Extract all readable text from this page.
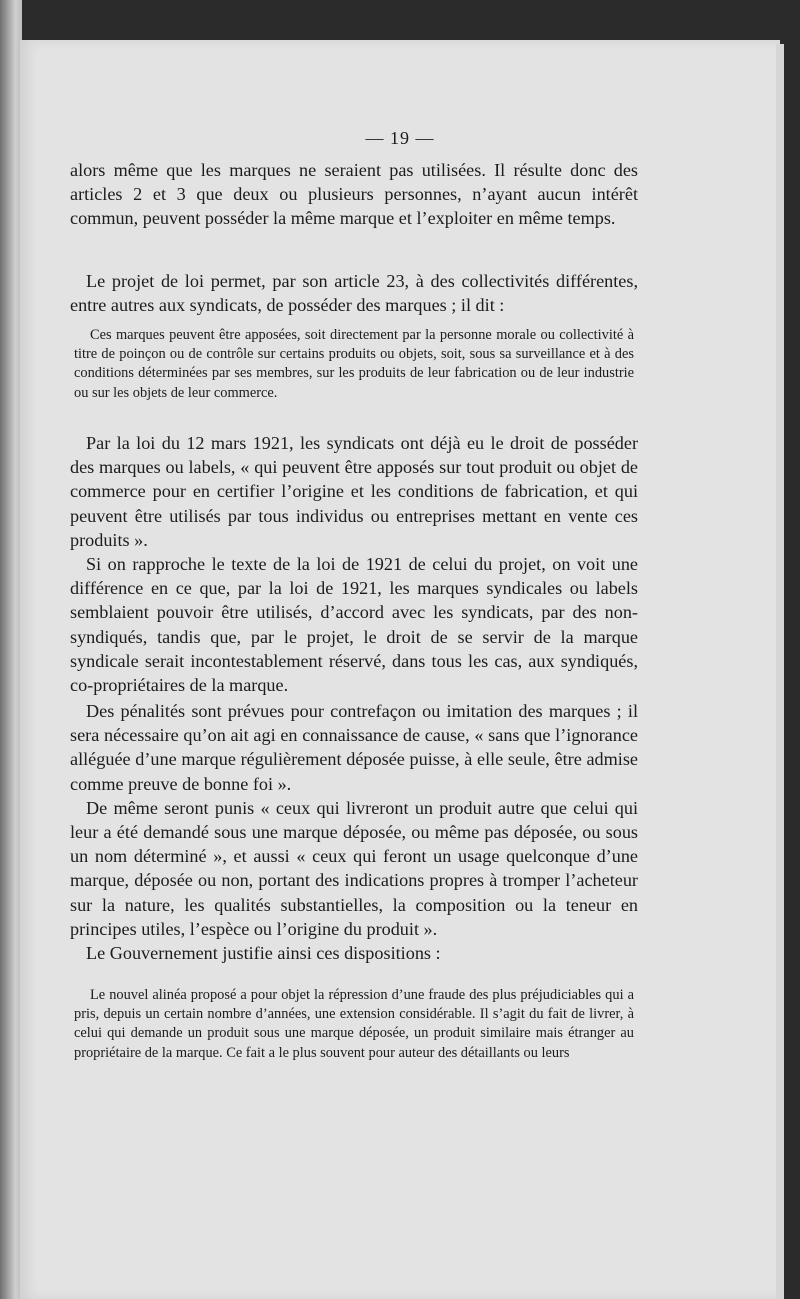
— 19 —

alors même que les marques ne seraient pas utilisées. Il résulte donc des articles 2 et 3 que deux ou plusieurs personnes, n’ayant aucun intérêt commun, peuvent posséder la même marque et l’exploiter en même temps.

Le projet de loi permet, par son article 23, à des collectivités différentes, entre autres aux syndicats, de posséder des marques ; il dit :

Ces marques peuvent être apposées, soit directement par la personne morale ou collectivité à titre de poinçon ou de contrôle sur certains produits ou objets, soit, sous sa surveillance et à des conditions déterminées par ses membres, sur les produits de leur fabrication ou de leur industrie ou sur les objets de leur commerce.

Par la loi du 12 mars 1921, les syndicats ont déjà eu le droit de posséder des marques ou labels, « qui peuvent être apposés sur tout produit ou objet de commerce pour en certifier l’origine et les conditions de fabrication, et qui peuvent être utilisés par tous individus ou entreprises mettant en vente ces produits ».

Si on rapproche le texte de la loi de 1921 de celui du projet, on voit une différence en ce que, par la loi de 1921, les marques syndicales ou labels semblaient pouvoir être utilisés, d’accord avec les syndicats, par des non-syndiqués, tandis que, par le projet, le droit de se servir de la marque syndicale serait incontestablement réservé, dans tous les cas, aux syndiqués, co-propriétaires de la marque.

Des pénalités sont prévues pour contrefaçon ou imitation des marques ; il sera nécessaire qu’on ait agi en connaissance de cause, « sans que l’ignorance alléguée d’une marque régulièrement déposée puisse, à elle seule, être admise comme preuve de bonne foi ».

De même seront punis « ceux qui livreront un produit autre que celui qui leur a été demandé sous une marque déposée, ou même pas déposée, ou sous un nom déterminé », et aussi « ceux qui feront un usage quelconque d’une marque, déposée ou non, portant des indications propres à tromper l’acheteur sur la nature, les qualités substantielles, la composition ou la teneur en principes utiles, l’espèce ou l’origine du produit ».

Le Gouvernement justifie ainsi ces dispositions :

Le nouvel alinéa proposé a pour objet la répression d’une fraude des plus préjudiciables qui a pris, depuis un certain nombre d’années, une extension considérable. Il s’agit du fait de livrer, à celui qui demande un produit sous une marque déposée, un produit similaire mais étranger au propriétaire de la marque. Ce fait a le plus souvent pour auteur des détaillants ou leurs
